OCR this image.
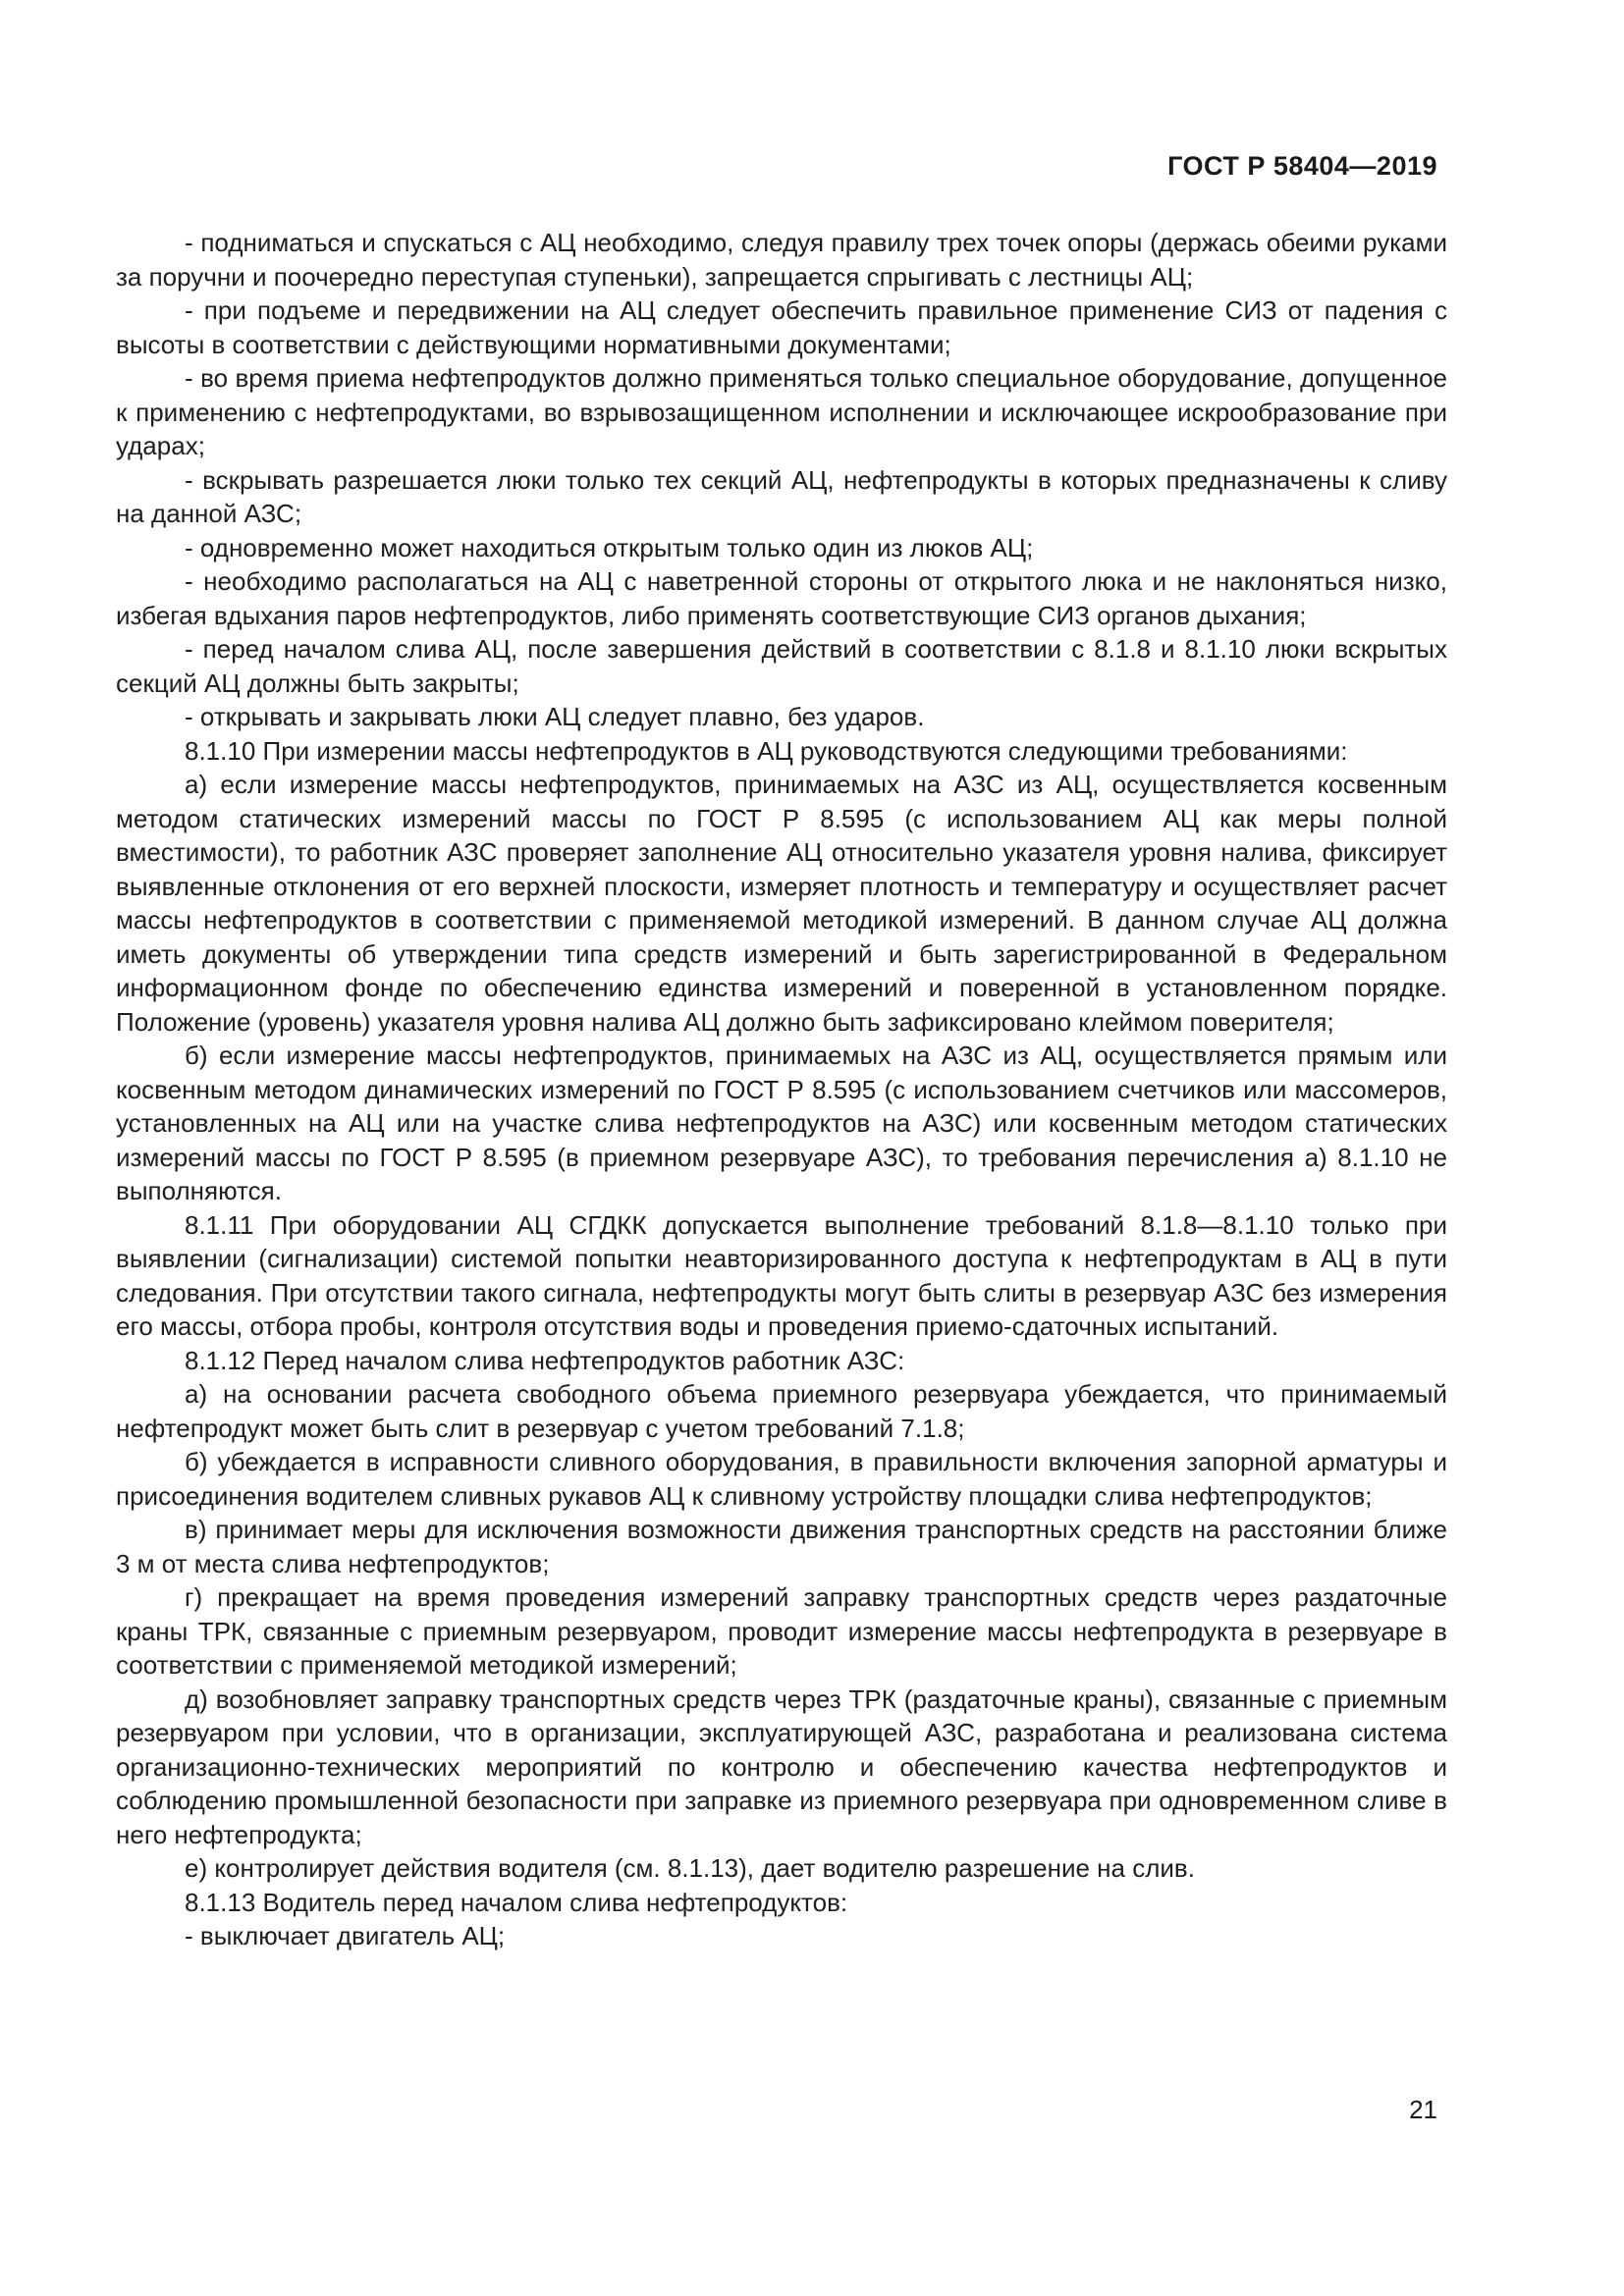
ГОСТ Р 58404—2019

- подниматься и спускаться с АЦ необходимо, следуя правилу трех точек опоры (держась обеими руками за поручни и поочередно переступая ступеньки), запрещается спрыгивать с лестницы АЦ;

- при подъеме и передвижении на АЦ следует обеспечить правильное применение СИЗ от падения с высоты в соответствии с действующими нормативными документами;

- во время приема нефтепродуктов должно применяться только специальное оборудование, допущенное к применению с нефтепродуктами, во взрывозащищенном исполнении и исключающее искрообразование при ударах;

- вскрывать разрешается люки только тех секций АЦ, нефтепродукты в которых предназначены к сливу на данной АЗС;

- одновременно может находиться открытым только один из люков АЦ;

- необходимо располагаться на АЦ с наветренной стороны от открытого люка и не наклоняться низко, избегая вдыхания паров нефтепродуктов, либо применять соответствующие СИЗ органов дыхания;

- перед началом слива АЦ, после завершения действий в соответствии с 8.1.8 и 8.1.10 люки вскрытых секций АЦ должны быть закрыты;

- открывать и закрывать люки АЦ следует плавно, без ударов.

8.1.10 При измерении массы нефтепродуктов в АЦ руководствуются следующими требованиями:

а) если измерение массы нефтепродуктов, принимаемых на АЗС из АЦ, осуществляется косвенным методом статических измерений массы по ГОСТ Р 8.595 (с использованием АЦ как меры полной вместимости), то работник АЗС проверяет заполнение АЦ относительно указателя уровня налива, фиксирует выявленные отклонения от его верхней плоскости, измеряет плотность и температуру и осуществляет расчет массы нефтепродуктов в соответствии с применяемой методикой измерений. В данном случае АЦ должна иметь документы об утверждении типа средств измерений и быть зарегистрированной в Федеральном информационном фонде по обеспечению единства измерений и поверенной в установленном порядке. Положение (уровень) указателя уровня налива АЦ должно быть зафиксировано клеймом поверителя;

б) если измерение массы нефтепродуктов, принимаемых на АЗС из АЦ, осуществляется прямым или косвенным методом динамических измерений по ГОСТ Р 8.595 (с использованием счетчиков или массомеров, установленных на АЦ или на участке слива нефтепродуктов на АЗС) или косвенным методом статических измерений массы по ГОСТ Р 8.595 (в приемном резервуаре АЗС), то требования перечисления а) 8.1.10 не выполняются.

8.1.11 При оборудовании АЦ СГДКК допускается выполнение требований 8.1.8—8.1.10 только при выявлении (сигнализации) системой попытки неавторизированного доступа к нефтепродуктам в АЦ в пути следования. При отсутствии такого сигнала, нефтепродукты могут быть слиты в резервуар АЗС без измерения его массы, отбора пробы, контроля отсутствия воды и проведения приемо-сдаточных испытаний.

8.1.12 Перед началом слива нефтепродуктов работник АЗС:

а) на основании расчета свободного объема приемного резервуара убеждается, что принимаемый нефтепродукт может быть слит в резервуар с учетом требований 7.1.8;

б) убеждается в исправности сливного оборудования, в правильности включения запорной арматуры и присоединения водителем сливных рукавов АЦ к сливному устройству площадки слива нефтепродуктов;

в) принимает меры для исключения возможности движения транспортных средств на расстоянии ближе 3 м от места слива нефтепродуктов;

г) прекращает на время проведения измерений заправку транспортных средств через раздаточные краны ТРК, связанные с приемным резервуаром, проводит измерение массы нефтепродукта в резервуаре в соответствии с применяемой методикой измерений;

д) возобновляет заправку транспортных средств через ТРК (раздаточные краны), связанные с приемным резервуаром при условии, что в организации, эксплуатирующей АЗС, разработана и реализована система организационно-технических мероприятий по контролю и обеспечению качества нефтепродуктов и соблюдению промышленной безопасности при заправке из приемного резервуара при одновременном сливе в него нефтепродукта;

е) контролирует действия водителя (см. 8.1.13), дает водителю разрешение на слив.

8.1.13 Водитель перед началом слива нефтепродуктов:

- выключает двигатель АЦ;

21
